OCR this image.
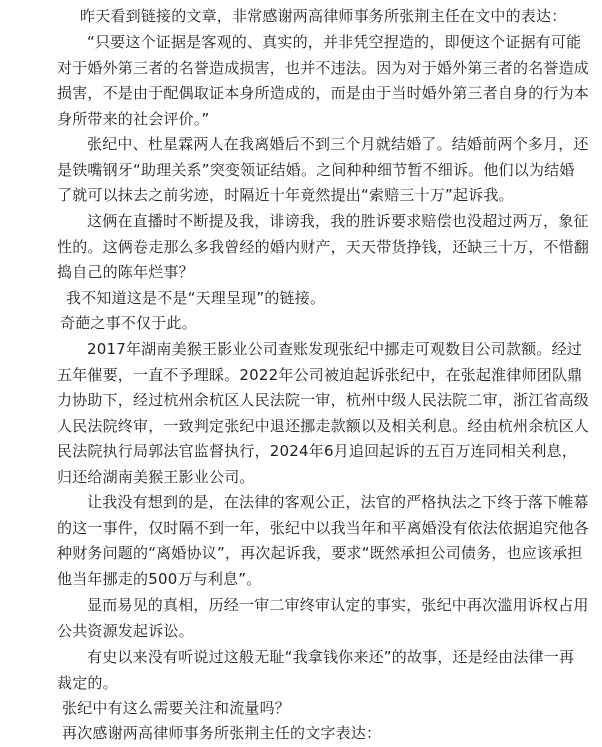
昨天看到链接的文章，非常感谢两高律师事务所张荆主任在文中的表达：
“只要这个证据是客观的、真实的，并非凭空捏造的，即便这个证据有可能对于婚外第三者的名誉造成损害，也并不违法。因为对于婚外第三者的名誉造成损害，不是由于配偶取证本身所造成的，而是由于当时婚外第三者自身的行为本身所带来的社会评价。”
张纪中、杜星霖两人在我离婚后不到三个月就结婚了。结婚前两个多月，还是铁嘴钢牙“助理关系”突变领证结婚。之间种种细节暂不细诉。他们以为结婚了就可以抹去之前劣迹，时隔近十年竟然提出“索赔三十万”起诉我。
这俩在直播时不断提及我，诽谤我，我的胜诉要求赔偿也没超过两万，象征性的。这俩卷走那么多我曾经的婚内财产，天天带货挣钱，还缺三十万，不惜翻捣自己的陈年烂事？
我不知道这是不是“天理呈现”的链接。
奇葩之事不仅于此。
2017年湖南美猴王影业公司查账发现张纪中挪走可观数目公司款额。经过五年催要，一直不予理睬。2022年公司被迫起诉张纪中，在张起淮律师团队鼎力协助下，经过杭州余杭区人民法院一审，杭州中级人民法院二审，浙江省高级人民法院终审，一致判定张纪中退还挪走款额以及相关利息。经由杭州余杭区人民法院执行局郭法官监督执行，2024年6月追回起诉的五百万连同相关利息，归还给湖南美猴王影业公司。
让我没有想到的是，在法律的客观公正，法官的严格执法之下终于落下帷幕的这一事件，仅时隔不到一年，张纪中以我当年和平离婚没有依法依据追究他各种财务问题的“离婚协议”，再次起诉我，要求“既然承担公司债务，也应该承担他当年挪走的500万与利息”。
显而易见的真相，历经一审二审终审认定的事实，张纪中再次滥用诉权占用公共资源发起诉讼。
有史以来没有听说过这般无耻“我拿钱你来还”的故事，还是经由法律一再裁定的。
张纪中有这么需要关注和流量吗？
再次感谢两高律师事务所张荆主任的文字表达：
